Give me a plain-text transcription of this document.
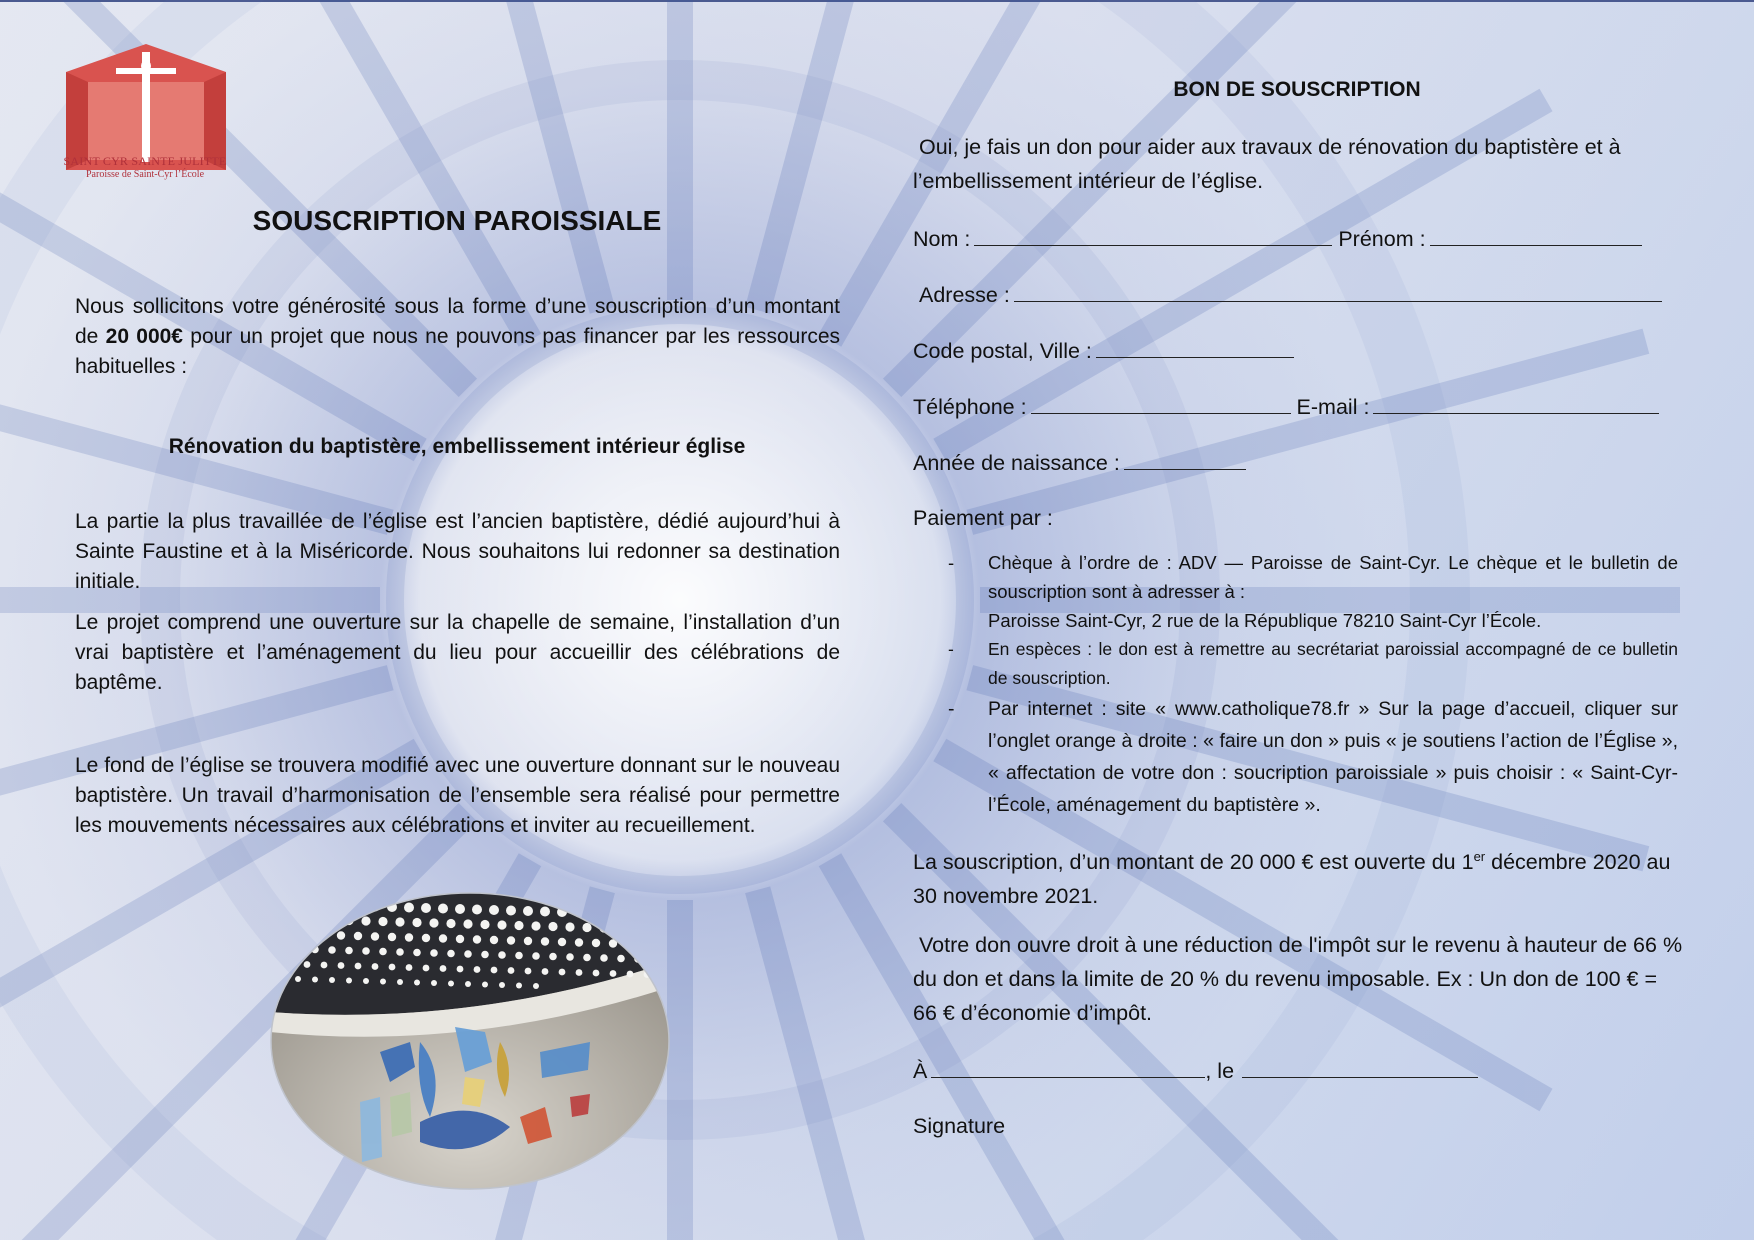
SAINT CYR SAINTE JULITTE
Paroisse de Saint-Cyr l’École
SOUSCRIPTION PAROISSIALE
Nous sollicitons votre générosité sous la forme d’une souscription d’un montant de 20 000€ pour un projet que nous ne pouvons pas financer par les ressources habituelles :
Rénovation du baptistère, embellissement intérieur église
La partie la plus travaillée de l’église est l’ancien baptistère, dédié aujourd’hui à Sainte Faustine et à la Miséricorde. Nous souhaitons lui redonner sa destination initiale.
Le projet comprend une ouverture sur la chapelle de semaine, l’installation d’un vrai baptistère et l’aménagement du lieu pour accueillir des célébrations de baptême.
Le fond de l’église se trouvera modifié avec une ouverture donnant sur le nouveau baptistère. Un travail d’harmonisation de l’ensemble sera réalisé pour permettre les mouvements nécessaires aux célébrations et inviter au recueillement.
BON DE SOUSCRIPTION
Oui, je fais un don pour aider aux travaux de rénovation du baptistère et à l’embellissement intérieur de l’église.
Nom :	Prénom :
Adresse :
Code postal, Ville :
Téléphone :	E-mail :
Année de naissance :
Paiement par :
- Chèque à l’ordre de : ADV — Paroisse de Saint-Cyr. Le chèque et le bulletin de souscription sont à adresser à :
Paroisse Saint-Cyr, 2 rue de la République 78210 Saint-Cyr l’École.
- En espèces : le don est à remettre au secrétariat paroissial accompagné de ce bulletin de souscription.
- Par internet : site « www.catholique78.fr » Sur la page d’accueil, cliquer sur l’onglet orange à droite : « faire un don » puis « je soutiens l’action de l’Église », « affectation de votre don : soucription paroissiale » puis choisir : « Saint-Cyr-l’École, aménagement du baptistère ».
La souscription, d’un montant de 20 000 € est ouverte du 1er décembre 2020 au 30 novembre 2021.
Votre don ouvre droit à une réduction de l'impôt sur le revenu à hauteur de 66 % du don et dans la limite de 20 % du revenu imposable. Ex : Un don de 100 € = 66 € d’économie d’impôt.
À	, le
Signature
